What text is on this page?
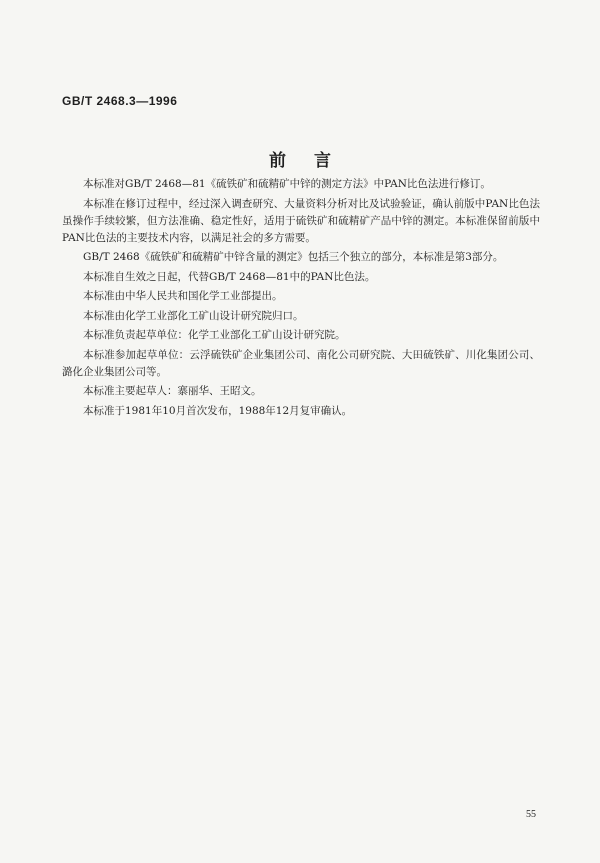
GB/T 2468.3—1996
前言

本标准对GB/T 2468—81《硫铁矿和硫精矿中锌的测定方法》中PAN比色法进行修订。

本标准在修订过程中，经过深入调查研究、大量资料分析对比及试验验证，确认前版中PAN比色法虽操作手续较繁，但方法准确、稳定性好，适用于硫铁矿和硫精矿产品中锌的测定。本标准保留前版中PAN比色法的主要技术内容，以满足社会的多方需要。

GB/T 2468《硫铁矿和硫精矿中锌含量的测定》包括三个独立的部分，本标准是第3部分。

本标准自生效之日起，代替GB/T 2468—81中的PAN比色法。

本标准由中华人民共和国化学工业部提出。

本标准由化学工业部化工矿山设计研究院归口。

本标准负责起草单位：化学工业部化工矿山设计研究院。

本标准参加起草单位：云浮硫铁矿企业集团公司、南化公司研究院、大田硫铁矿、川化集团公司、潞化企业集团公司等。

本标准主要起草人：寨丽华、王昭文。

本标准于1981年10月首次发布，1988年12月复审确认。

55
